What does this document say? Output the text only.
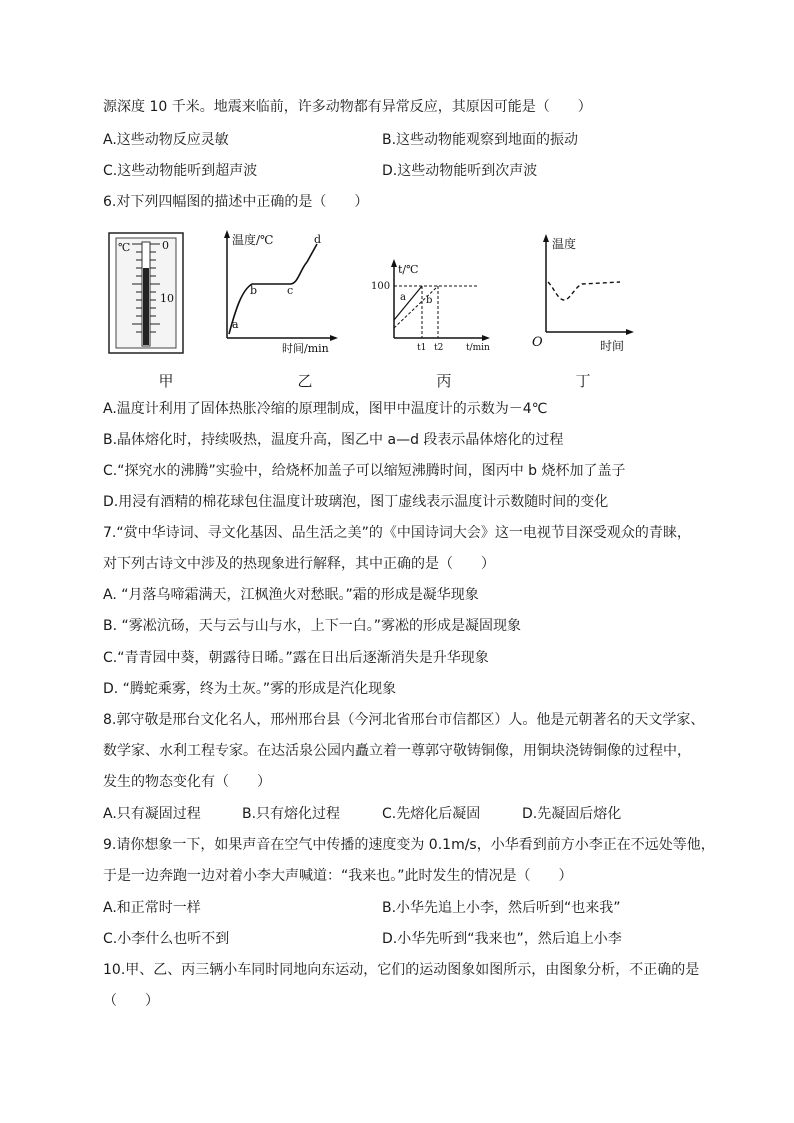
源深度 10 千米。地震来临前，许多动物都有异常反应，其原因可能是（　　）
A.这些动物反应灵敏	B.这些动物能观察到地面的振动
C.这些动物能听到超声波	D.这些动物能听到次声波
6.对下列四幅图的描述中正确的是（　　）
℃	0
10
甲
温度/℃
a
b	c
d
时间/min
乙
t/℃
100
a b
t1 t2	t/min
丙
温度
O	时间
丁
A.温度计利用了固体热胀冷缩的原理制成，图甲中温度计的示数为－4℃
B.晶体熔化时，持续吸热，温度升高，图乙中 a—d 段表示晶体熔化的过程
C.“探究水的沸腾”实验中，给烧杯加盖子可以缩短沸腾时间，图丙中 b 烧杯加了盖子
D.用浸有酒精的棉花球包住温度计玻璃泡，图丁虚线表示温度计示数随时间的变化
7.“赏中华诗词、寻文化基因、品生活之美”的《中国诗词大会》这一电视节目深受观众的青睐，
对下列古诗文中涉及的热现象进行解释，其中正确的是（　　）
A. “月落乌啼霜满天，江枫渔火对愁眠。”霜的形成是凝华现象
B. “雾凇沆砀，天与云与山与水，上下一白。”雾凇的形成是凝固现象
C.“青青园中葵，朝露待日晞。”露在日出后逐渐消失是升华现象
D. “腾蛇乘雾，终为土灰。”雾的形成是汽化现象
8.郭守敬是邢台文化名人，邢州邢台县（今河北省邢台市信都区）人。他是元朝著名的天文学家、
数学家、水利工程专家。在达活泉公园内矗立着一尊郭守敬铸铜像，用铜块浇铸铜像的过程中，
发生的物态变化有（　　）
A.只有凝固过程	B.只有熔化过程	C.先熔化后凝固	D.先凝固后熔化
9.请你想象一下，如果声音在空气中传播的速度变为 0.1m/s，小华看到前方小李正在不远处等他，
于是一边奔跑一边对着小李大声喊道：“我来也。”此时发生的情况是（　　）
A.和正常时一样	B.小华先追上小李，然后听到“也来我”
C.小李什么也听不到	D.小华先听到“我来也”，然后追上小李
10.甲、乙、丙三辆小车同时同地向东运动，它们的运动图象如图所示，由图象分析，不正确的是
（　　）
